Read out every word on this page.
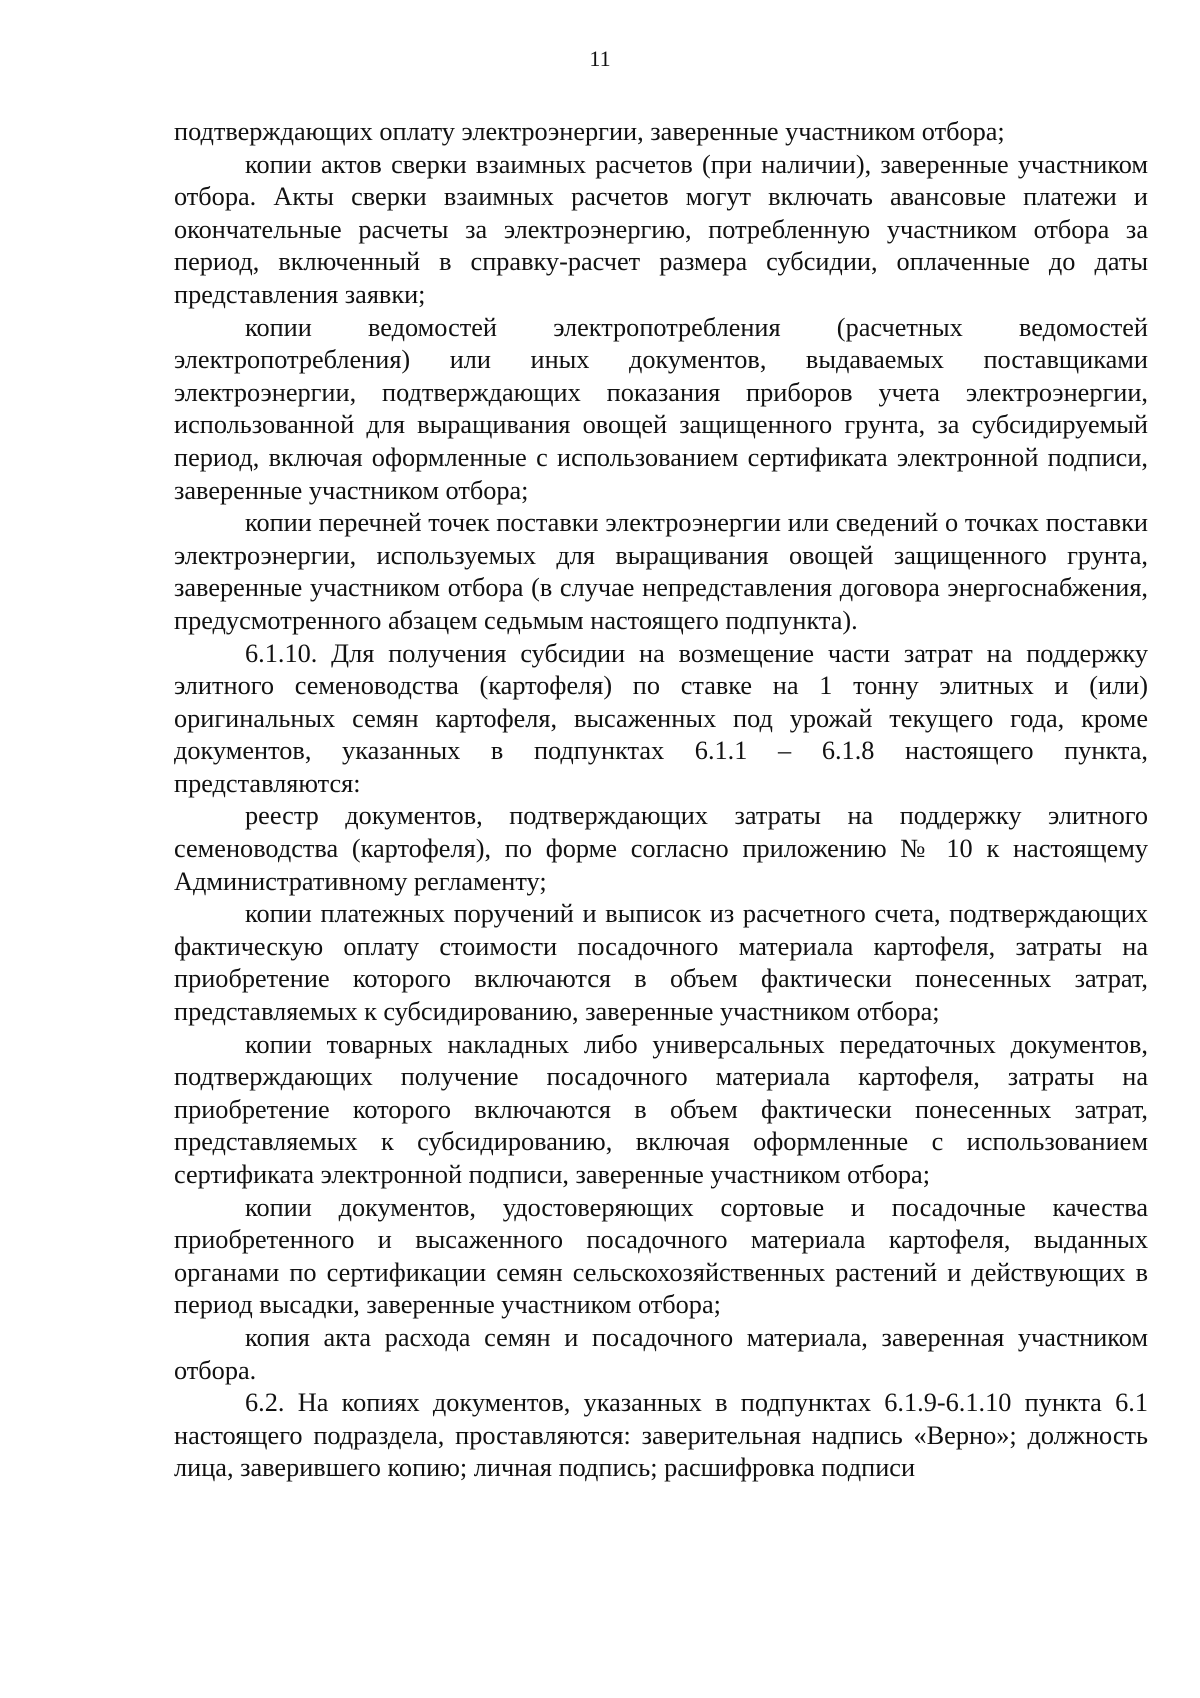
11

подтверждающих оплату электроэнергии, заверенные участником отбора;

копии актов сверки взаимных расчетов (при наличии), заверенные участником отбора. Акты сверки взаимных расчетов могут включать авансовые платежи и окончательные расчеты за электроэнергию, потребленную участником отбора за период, включенный в справку-расчет размера субсидии, оплаченные до даты представления заявки;

копии ведомостей электропотребления (расчетных ведомостей электропотребления) или иных документов, выдаваемых поставщиками электроэнергии, подтверждающих показания приборов учета электроэнергии, использованной для выращивания овощей защищенного грунта, за субсидируемый период, включая оформленные с использованием сертификата электронной подписи, заверенные участником отбора;

копии перечней точек поставки электроэнергии или сведений о точках поставки электроэнергии, используемых для выращивания овощей защищенного грунта, заверенные участником отбора (в случае непредставления договора энергоснабжения, предусмотренного абзацем седьмым настоящего подпункта).

6.1.10. Для получения субсидии на возмещение части затрат на поддержку элитного семеноводства (картофеля) по ставке на 1 тонну элитных и (или) оригинальных семян картофеля, высаженных под урожай текущего года, кроме документов, указанных в подпунктах 6.1.1 – 6.1.8 настоящего пункта, представляются:

реестр документов, подтверждающих затраты на поддержку элитного семеноводства (картофеля), по форме согласно приложению № 10 к настоящему Административному регламенту;

копии платежных поручений и выписок из расчетного счета, подтверждающих фактическую оплату стоимости посадочного материала картофеля, затраты на приобретение которого включаются в объем фактически понесенных затрат, представляемых к субсидированию, заверенные участником отбора;

копии товарных накладных либо универсальных передаточных документов, подтверждающих получение посадочного материала картофеля, затраты на приобретение которого включаются в объем фактически понесенных затрат, представляемых к субсидированию, включая оформленные с использованием сертификата электронной подписи, заверенные участником отбора;

копии документов, удостоверяющих сортовые и посадочные качества приобретенного и высаженного посадочного материала картофеля, выданных органами по сертификации семян сельскохозяйственных растений и действующих в период высадки, заверенные участником отбора;

копия акта расхода семян и посадочного материала, заверенная участником отбора.

6.2. На копиях документов, указанных в подпунктах 6.1.9-6.1.10 пункта 6.1 настоящего подраздела, проставляются: заверительная надпись «Верно»; должность лица, заверившего копию; личная подпись; расшифровка подписи
